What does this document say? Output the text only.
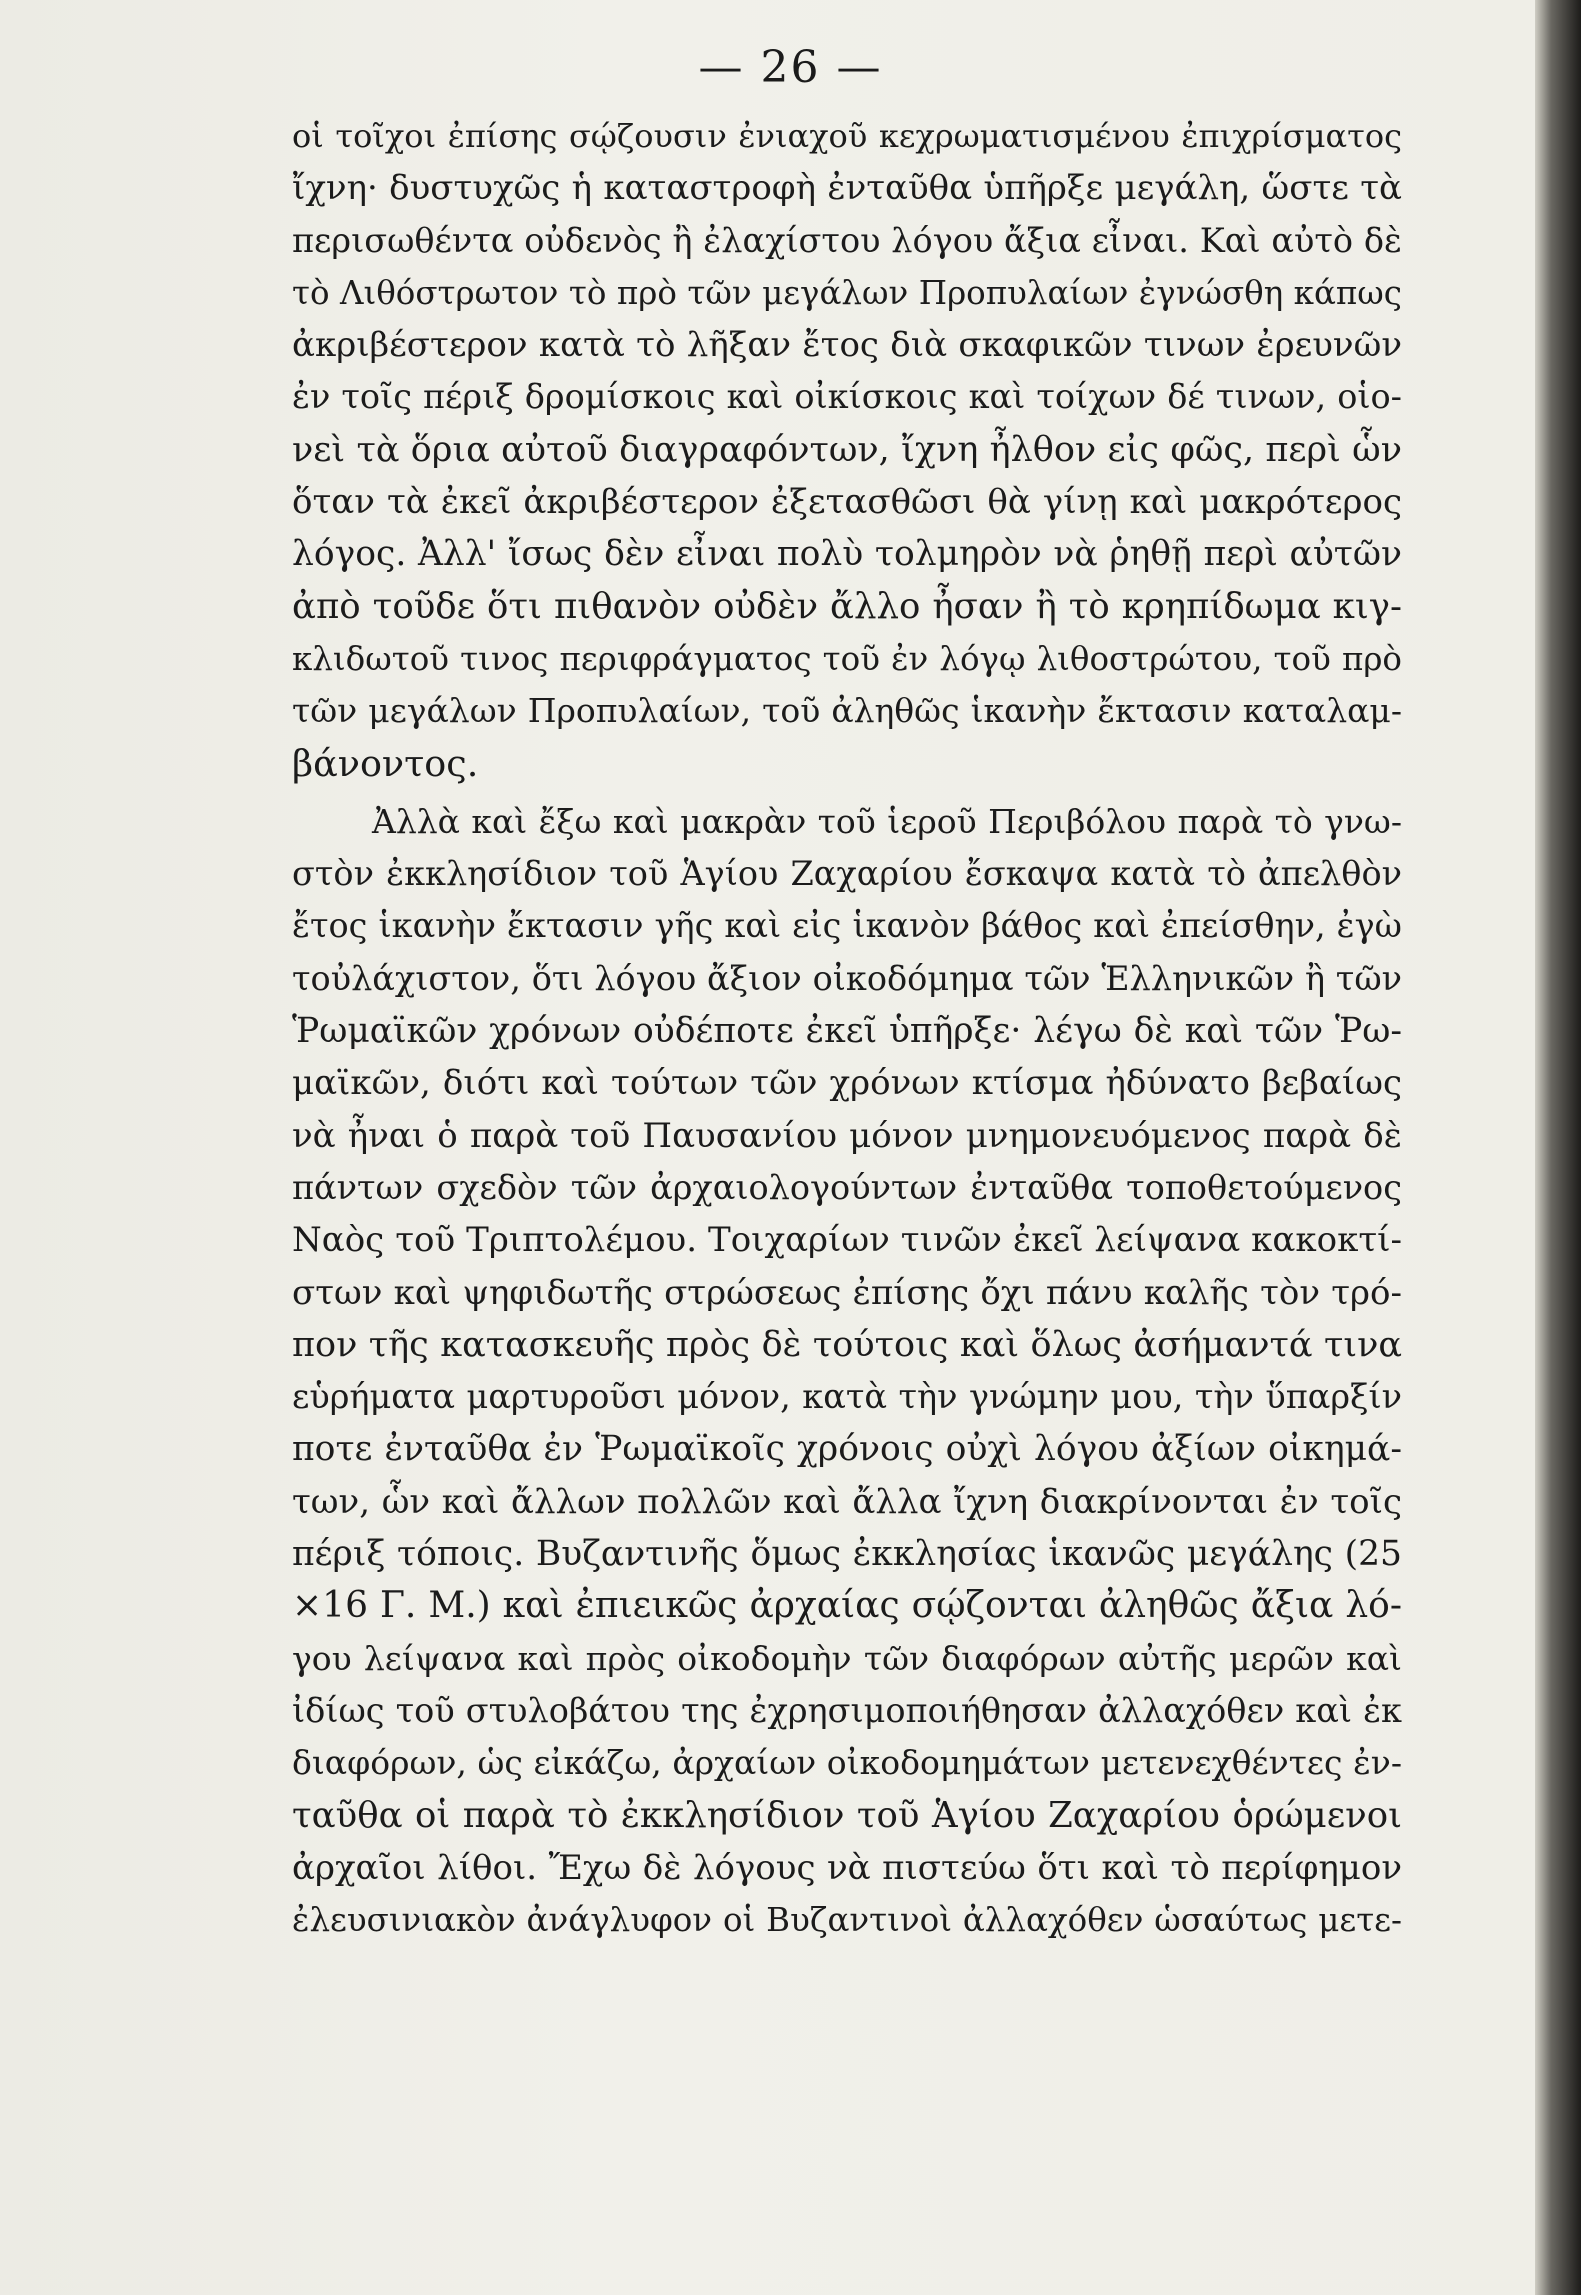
— 26 —
οἱ τοῖχοι ἐπίσης σῴζουσιν ἐνιαχοῦ κεχρωματισμένου ἐπιχρίσματος
ἴχνη· δυστυχῶς ἡ καταστροφὴ ἐνταῦθα ὑπῆρξε μεγάλη, ὥστε τὰ
περισωθέντα οὐδενὸς ἢ ἐλαχίστου λόγου ἄξια εἶναι. Καὶ αὐτὸ δὲ
τὸ Λιθόστρωτον τὸ πρὸ τῶν μεγάλων Προπυλαίων ἐγνώσθη κάπως
ἀκριβέστερον κατὰ τὸ λῆξαν ἔτος διὰ σκαφικῶν τινων ἐρευνῶν
ἐν τοῖς πέριξ δρομίσκοις καὶ οἰκίσκοις καὶ τοίχων δέ τινων, οἱο-
νεὶ τὰ ὅρια αὐτοῦ διαγραφόντων, ἴχνη ἦλθον εἰς φῶς, περὶ ὧν
ὅταν τὰ ἐκεῖ ἀκριβέστερον ἐξετασθῶσι θὰ γίνῃ καὶ μακρότερος
λόγος. Ἀλλ' ἴσως δὲν εἶναι πολὺ τολμηρὸν νὰ ῥηθῇ περὶ αὐτῶν
ἀπὸ τοῦδε ὅτι πιθανὸν οὐδὲν ἄλλο ἦσαν ἢ τὸ κρηπίδωμα κιγ-
κλιδωτοῦ τινος περιφράγματος τοῦ ἐν λόγῳ λιθοστρώτου, τοῦ πρὸ
τῶν μεγάλων Προπυλαίων, τοῦ ἀληθῶς ἱκανὴν ἔκτασιν καταλαμ-
βάνοντος.
Ἀλλὰ καὶ ἔξω καὶ μακρὰν τοῦ ἱεροῦ Περιβόλου παρὰ τὸ γνω-
στὸν ἐκκλησίδιον τοῦ Ἁγίου Ζαχαρίου ἔσκαψα κατὰ τὸ ἀπελθὸν
ἔτος ἱκανὴν ἔκτασιν γῆς καὶ εἰς ἱκανὸν βάθος καὶ ἐπείσθην, ἐγὼ
τοὐλάχιστον, ὅτι λόγου ἄξιον οἰκοδόμημα τῶν Ἑλληνικῶν ἢ τῶν
Ῥωμαϊκῶν χρόνων οὐδέποτε ἐκεῖ ὑπῆρξε· λέγω δὲ καὶ τῶν Ῥω-
μαϊκῶν, διότι καὶ τούτων τῶν χρόνων κτίσμα ἠδύνατο βεβαίως
νὰ ἦναι ὁ παρὰ τοῦ Παυσανίου μόνον μνημονευόμενος παρὰ δὲ
πάντων σχεδὸν τῶν ἀρχαιολογούντων ἐνταῦθα τοποθετούμενος
Ναὸς τοῦ Τριπτολέμου. Τοιχαρίων τινῶν ἐκεῖ λείψανα κακοκτί-
στων καὶ ψηφιδωτῆς στρώσεως ἐπίσης ὄχι πάνυ καλῆς τὸν τρό-
πον τῆς κατασκευῆς πρὸς δὲ τούτοις καὶ ὅλως ἀσήμαντά τινα
εὑρήματα μαρτυροῦσι μόνον, κατὰ τὴν γνώμην μου, τὴν ὕπαρξίν
ποτε ἐνταῦθα ἐν Ῥωμαϊκοῖς χρόνοις οὐχὶ λόγου ἀξίων οἰκημά-
των, ὧν καὶ ἄλλων πολλῶν καὶ ἄλλα ἴχνη διακρίνονται ἐν τοῖς
πέριξ τόποις. Βυζαντινῆς ὅμως ἐκκλησίας ἱκανῶς μεγάλης (25
×16 Γ. Μ.) καὶ ἐπιεικῶς ἀρχαίας σῴζονται ἀληθῶς ἄξια λό-
γου λείψανα καὶ πρὸς οἰκοδομὴν τῶν διαφόρων αὐτῆς μερῶν καὶ
ἰδίως τοῦ στυλοβάτου της ἐχρησιμοποιήθησαν ἀλλαχόθεν καὶ ἐκ
διαφόρων, ὡς εἰκάζω, ἀρχαίων οἰκοδομημάτων μετενεχθέντες ἐν-
ταῦθα οἱ παρὰ τὸ ἐκκλησίδιον τοῦ Ἁγίου Ζαχαρίου ὁρώμενοι
ἀρχαῖοι λίθοι. Ἔχω δὲ λόγους νὰ πιστεύω ὅτι καὶ τὸ περίφημον
ἐλευσινιακὸν ἀνάγλυφον οἱ Βυζαντινοὶ ἀλλαχόθεν ὡσαύτως μετε-
